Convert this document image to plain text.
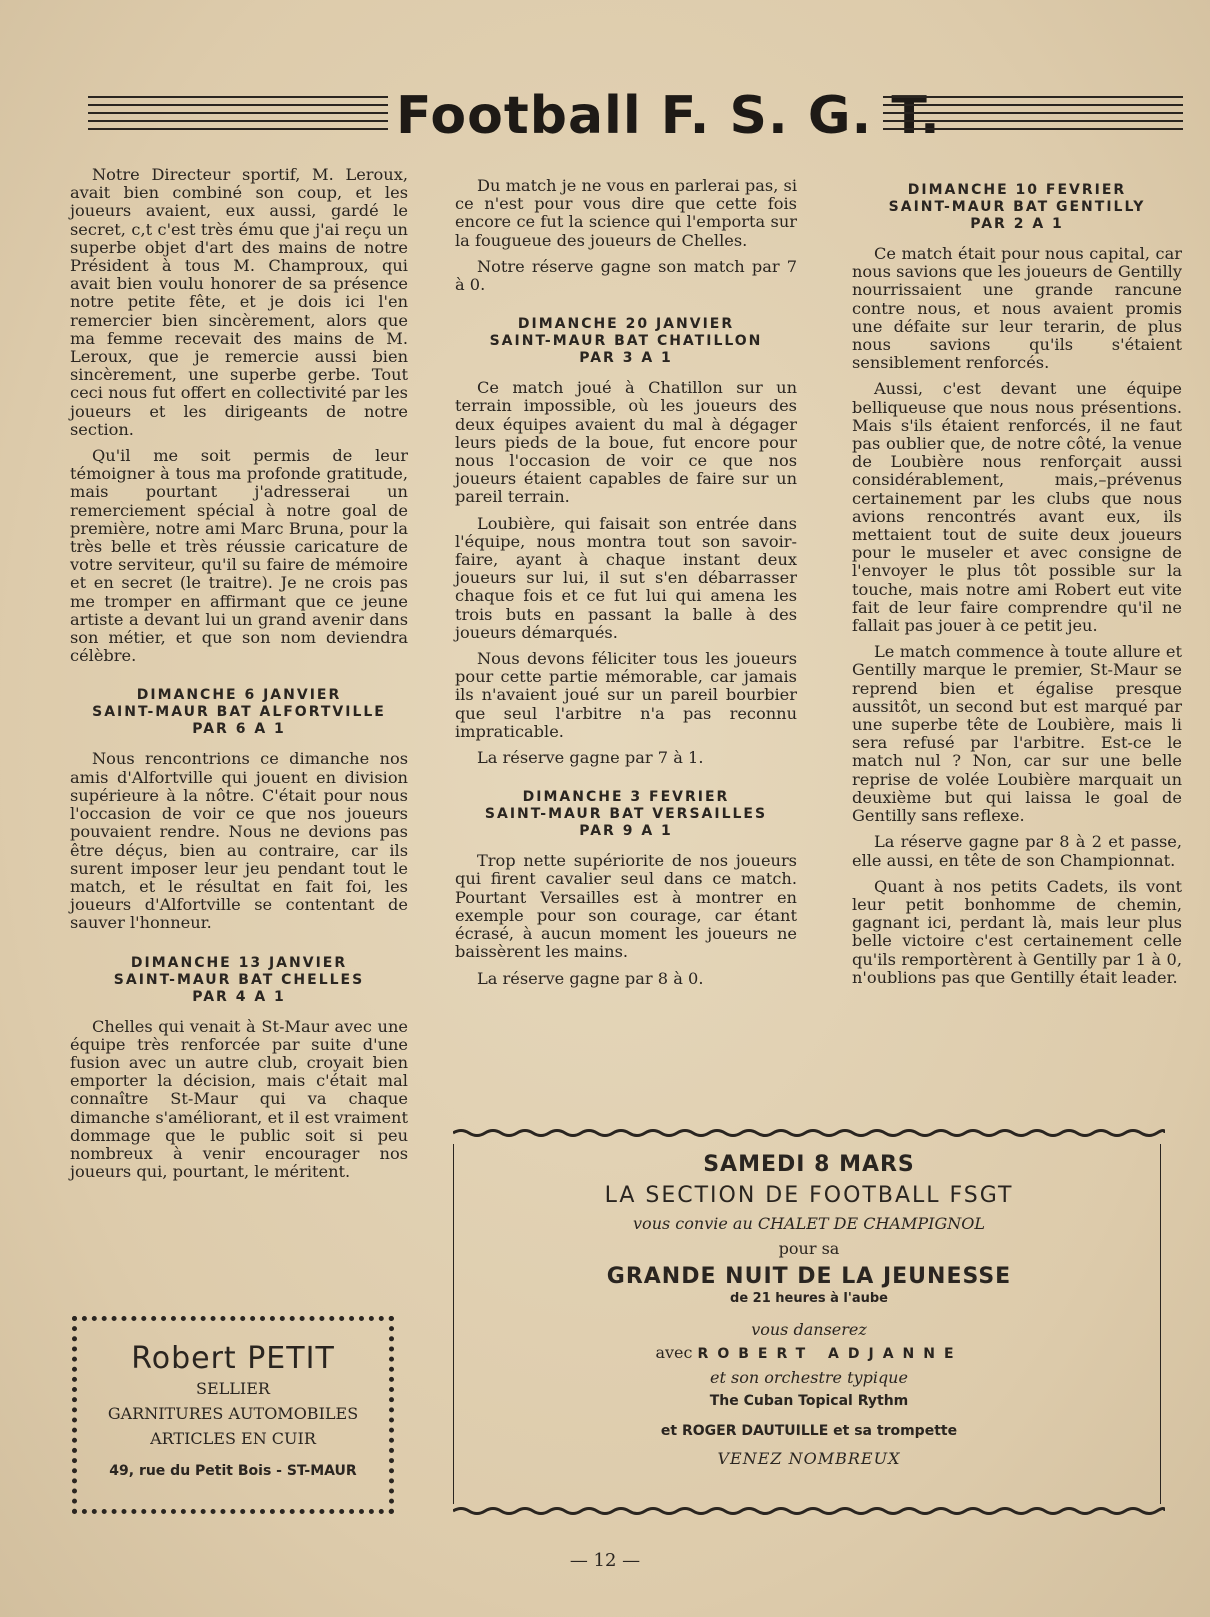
Football F. S. G. T.

Notre Directeur sportif, M. Leroux, avait bien combiné son coup, et les joueurs avaient, eux aussi, gardé le secret, c,t c'est très ému que j'ai reçu un superbe objet d'art des mains de notre Président à tous M. Champroux, qui avait bien voulu honorer de sa présence notre petite fête, et je dois ici l'en remercier bien sincèrement, alors que ma femme recevait des mains de M. Leroux, que je remercie aussi bien sincèrement, une superbe gerbe. Tout ceci nous fut offert en collectivité par les joueurs et les dirigeants de notre section.

Qu'il me soit permis de leur témoigner à tous ma profonde gratitude, mais pourtant j'adresserai un remerciement spécial à notre goal de première, notre ami Marc Bruna, pour la très belle et très réussie caricature de votre serviteur, qu'il su faire de mémoire et en secret (le traitre). Je ne crois pas me tromper en affirmant que ce jeune artiste a devant lui un grand avenir dans son métier, et que son nom deviendra célèbre.

DIMANCHE 6 JANVIER
SAINT-MAUR BAT ALFORTVILLE
PAR 6 A 1

Nous rencontrions ce dimanche nos amis d'Alfortville qui jouent en division supérieure à la nôtre. C'était pour nous l'occasion de voir ce que nos joueurs pouvaient rendre. Nous ne devions pas être déçus, bien au contraire, car ils surent imposer leur jeu pendant tout le match, et le résultat en fait foi, les joueurs d'Alfortville se contentant de sauver l'honneur.

DIMANCHE 13 JANVIER
SAINT-MAUR BAT CHELLES
PAR 4 A 1

Chelles qui venait à St-Maur avec une équipe très renforcée par suite d'une fusion avec un autre club, croyait bien emporter la décision, mais c'était mal connaître St-Maur qui va chaque dimanche s'améliorant, et il est vraiment dommage que le public soit si peu nombreux à venir encourager nos joueurs qui, pourtant, le méritent.

Du match je ne vous en parlerai pas, si ce n'est pour vous dire que cette fois encore ce fut la science qui l'emporta sur la fougueue des joueurs de Chelles.

Notre réserve gagne son match par 7 à 0.

DIMANCHE 20 JANVIER
SAINT-MAUR BAT CHATILLON
PAR 3 A 1

Ce match joué à Chatillon sur un terrain impossible, où les joueurs des deux équipes avaient du mal à dégager leurs pieds de la boue, fut encore pour nous l'occasion de voir ce que nos joueurs étaient capables de faire sur un pareil terrain.

Loubière, qui faisait son entrée dans l'équipe, nous montra tout son savoir-faire, ayant à chaque instant deux joueurs sur lui, il sut s'en débarrasser chaque fois et ce fut lui qui amena les trois buts en passant la balle à des joueurs démarqués.

Nous devons féliciter tous les joueurs pour cette partie mémorable, car jamais ils n'avaient joué sur un pareil bourbier que seul l'arbitre n'a pas reconnu impraticable.

La réserve gagne par 7 à 1.

DIMANCHE 3 FEVRIER
SAINT-MAUR BAT VERSAILLES
PAR 9 A 1

Trop nette supériorite de nos joueurs qui firent cavalier seul dans ce match. Pourtant Versailles est à montrer en exemple pour son courage, car étant écrasé, à aucun moment les joueurs ne baissèrent les mains.

La réserve gagne par 8 à 0.

DIMANCHE 10 FEVRIER
SAINT-MAUR BAT GENTILLY
PAR 2 A 1

Ce match était pour nous capital, car nous savions que les joueurs de Gentilly nourrissaient une grande rancune contre nous, et nous avaient promis une défaite sur leur terarin, de plus nous savions qu'ils s'étaient sensiblement renforcés.

Aussi, c'est devant une équipe belliqueuse que nous nous présentions. Mais s'ils étaient renforcés, il ne faut pas oublier que, de notre côté, la venue de Loubière nous renforçait aussi considérablement, mais,–prévenus certainement par les clubs que nous avions rencontrés avant eux, ils mettaient tout de suite deux joueurs pour le museler et avec consigne de l'envoyer le plus tôt possible sur la touche, mais notre ami Robert eut vite fait de leur faire comprendre qu'il ne fallait pas jouer à ce petit jeu.

Le match commence à toute allure et Gentilly marque le premier, St-Maur se reprend bien et égalise presque aussitôt, un second but est marqué par une superbe tête de Loubière, mais li sera refusé par l'arbitre. Est-ce le match nul ? Non, car sur une belle reprise de volée Loubière marquait un deuxième but qui laissa le goal de Gentilly sans reflexe.

La réserve gagne par 8 à 2 et passe, elle aussi, en tête de son Championnat.

Quant à nos petits Cadets, ils vont leur petit bonhomme de chemin, gagnant ici, perdant là, mais leur plus belle victoire c'est certainement celle qu'ils remportèrent à Gentilly par 1 à 0, n'oublions pas que Gentilly était leader.

Robert PETIT
SELLIER
GARNITURES AUTOMOBILES
ARTICLES EN CUIR
49, rue du Petit Bois - ST-MAUR
SAMEDI 8 MARS
LA SECTION DE FOOTBALL FSGT
vous convie au CHALET DE CHAMPIGNOL
pour sa
GRANDE NUIT DE LA JEUNESSE
de 21 heures à l'aube
vous danserez
avec ROBERT ADJANNE
et son orchestre typique
The Cuban Topical Rythm
et ROGER DAUTUILLE et sa trompette
VENEZ NOMBREUX
— 12 —
